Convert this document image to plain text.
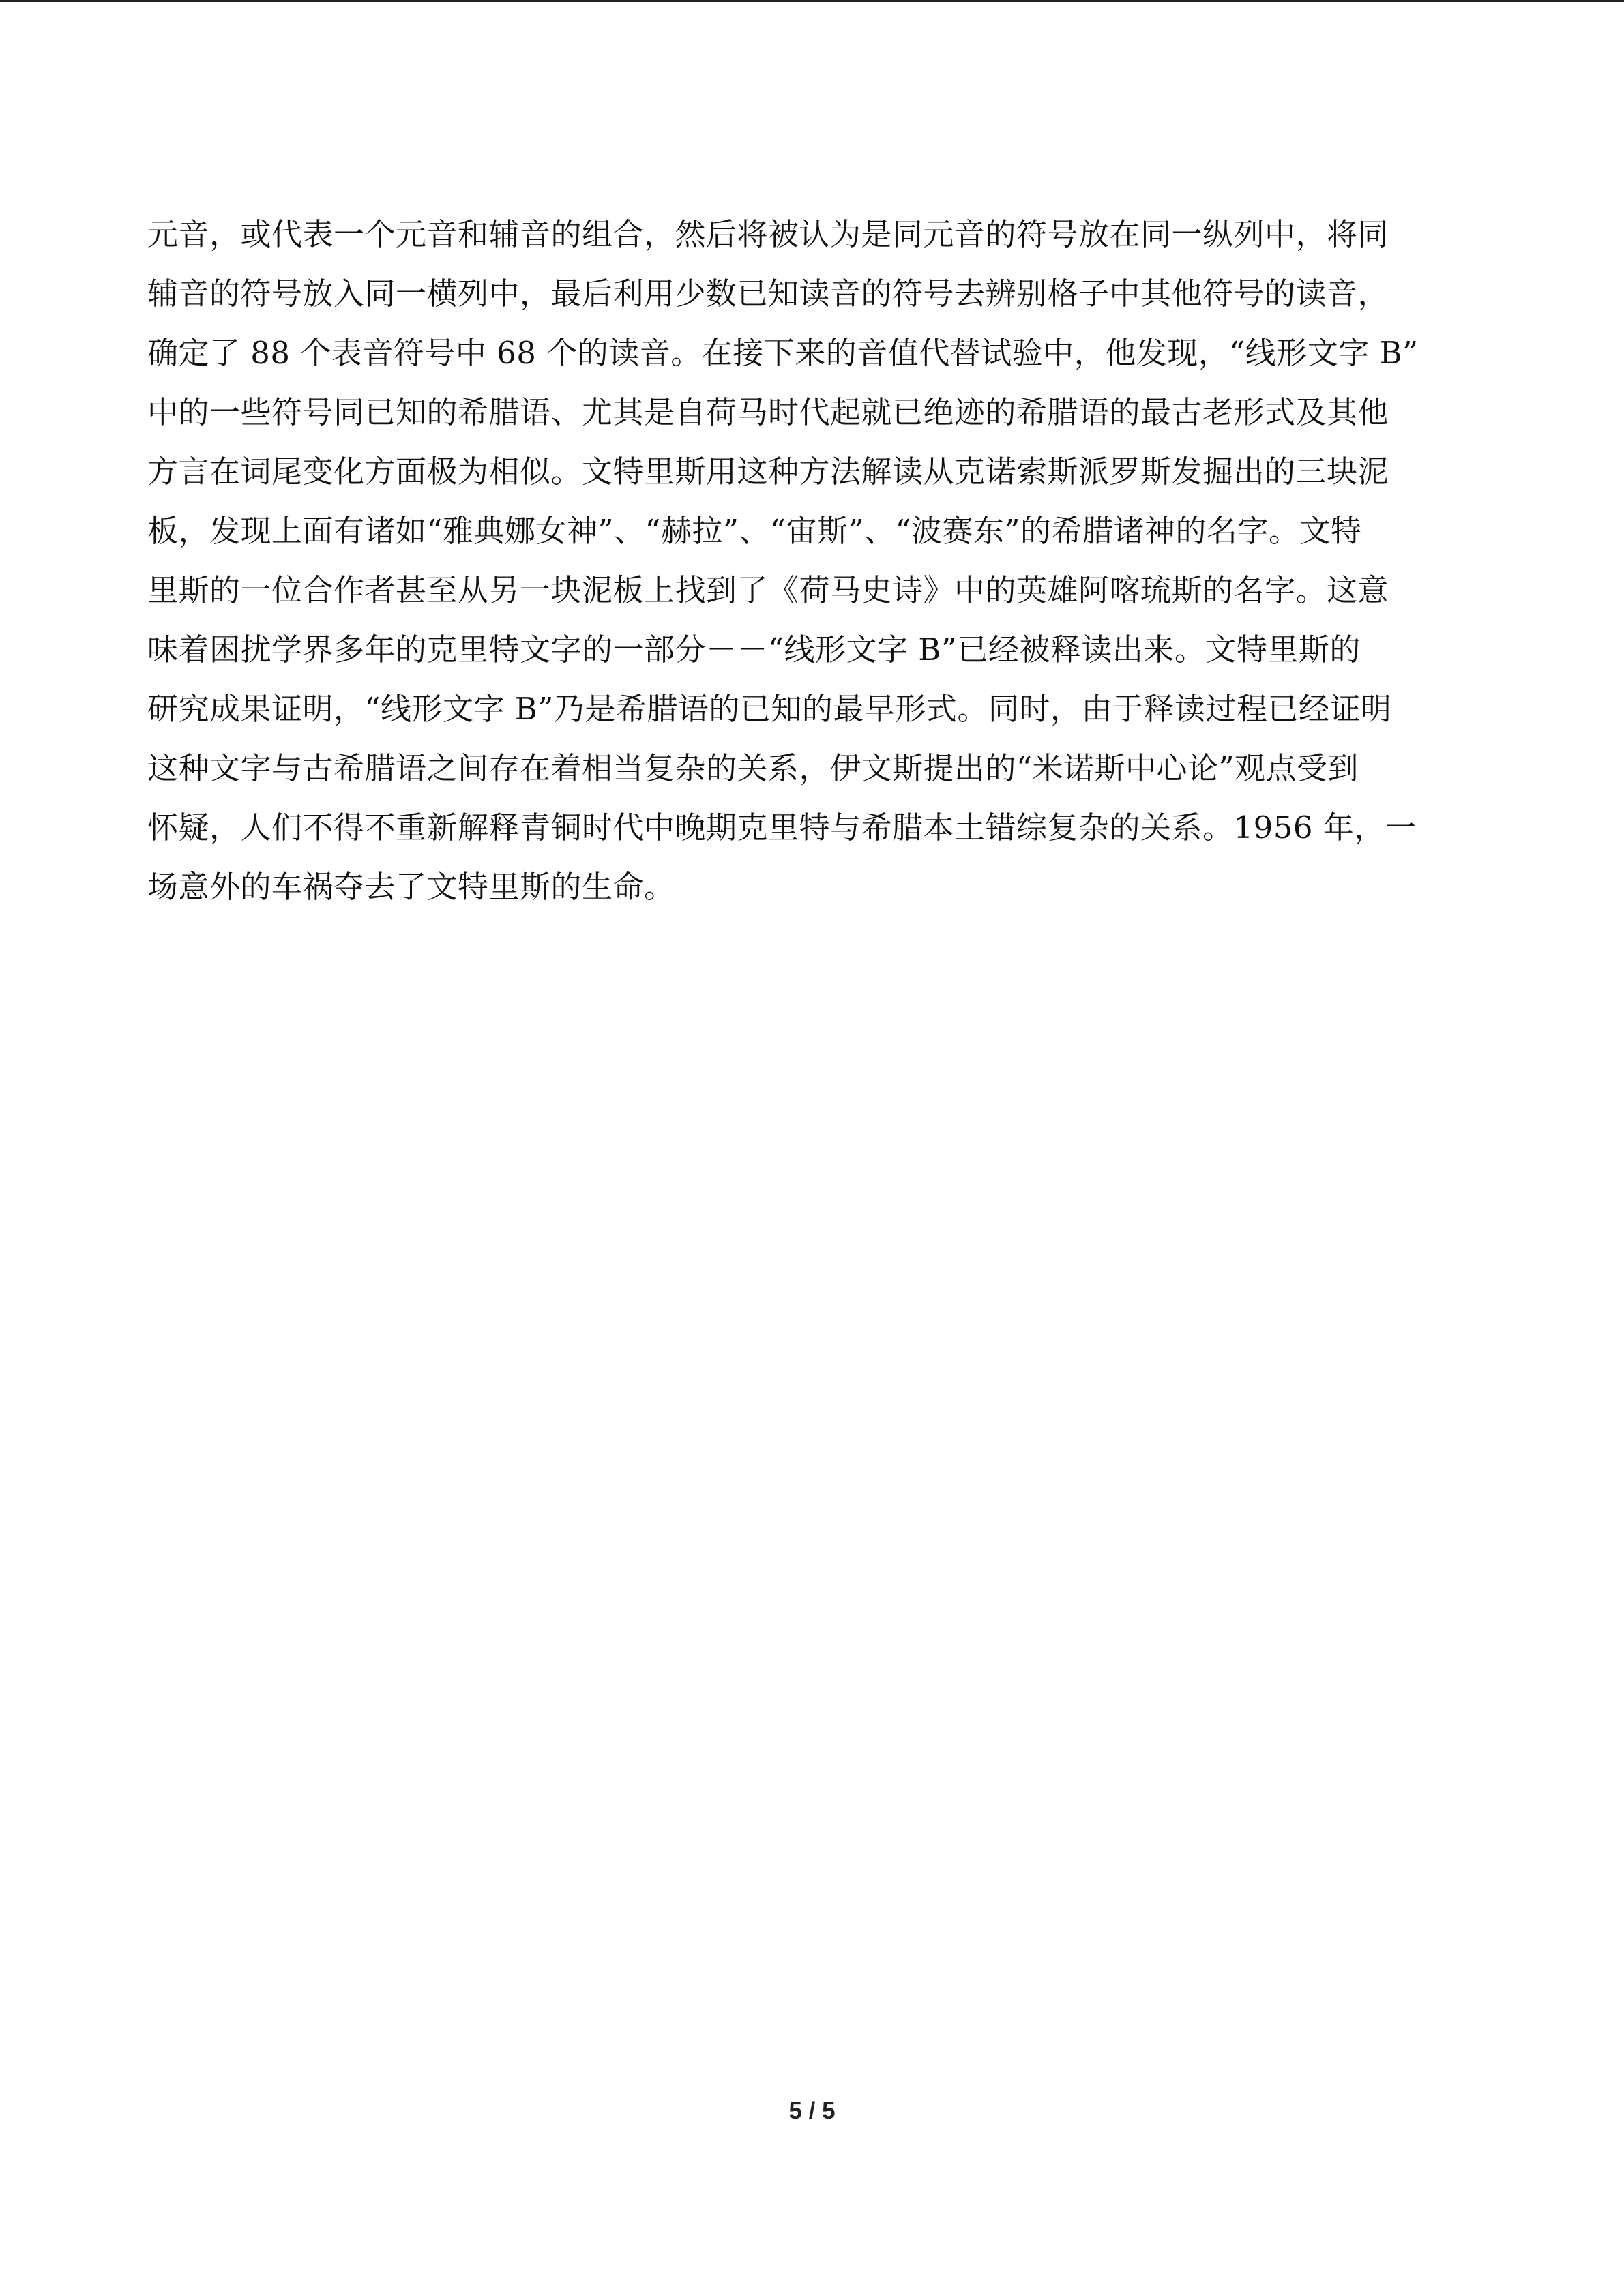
元音，或代表一个元音和辅音的组合，然后将被认为是同元音的符号放在同一纵列中，将同
辅音的符号放入同一横列中，最后利用少数已知读音的符号去辨别格子中其他符号的读音，
确定了 88 个表音符号中 68 个的读音。在接下来的音值代替试验中，他发现，“线形文字 B”
中的一些符号同已知的希腊语、尤其是自荷马时代起就已绝迹的希腊语的最古老形式及其他
方言在词尾变化方面极为相似。文特里斯用这种方法解读从克诺索斯派罗斯发掘出的三块泥
板，发现上面有诸如“雅典娜女神”、“赫拉”、“宙斯”、“波赛东”的希腊诸神的名字。文特
里斯的一位合作者甚至从另一块泥板上找到了《荷马史诗》中的英雄阿喀琉斯的名字。这意
味着困扰学界多年的克里特文字的一部分－－“线形文字 B”已经被释读出来。文特里斯的
研究成果证明，“线形文字 B”乃是希腊语的已知的最早形式。同时，由于释读过程已经证明
这种文字与古希腊语之间存在着相当复杂的关系，伊文斯提出的“米诺斯中心论”观点受到
怀疑，人们不得不重新解释青铜时代中晚期克里特与希腊本土错综复杂的关系。1956 年，一
场意外的车祸夺去了文特里斯的生命。
5 / 5
